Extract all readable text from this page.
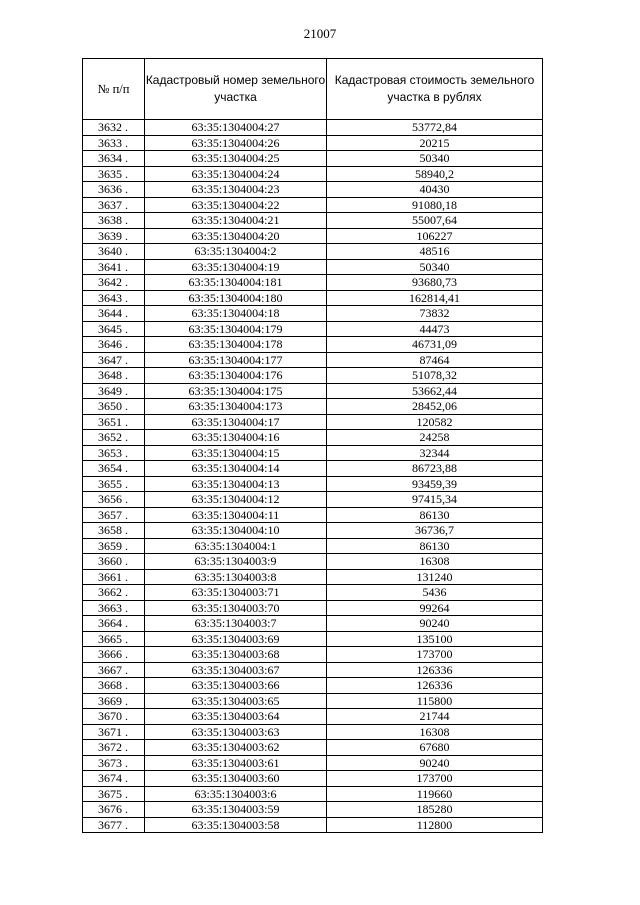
21007
№ п/п	Кадастровый номер земельного участка	Кадастровая стоимость земельного участка в рублях
3632 .	63:35:1304004:27	53772,84
3633 .	63:35:1304004:26	20215
3634 .	63:35:1304004:25	50340
3635 .	63:35:1304004:24	58940,2
3636 .	63:35:1304004:23	40430
3637 .	63:35:1304004:22	91080,18
3638 .	63:35:1304004:21	55007,64
3639 .	63:35:1304004:20	106227
3640 .	63:35:1304004:2	48516
3641 .	63:35:1304004:19	50340
3642 .	63:35:1304004:181	93680,73
3643 .	63:35:1304004:180	162814,41
3644 .	63:35:1304004:18	73832
3645 .	63:35:1304004:179	44473
3646 .	63:35:1304004:178	46731,09
3647 .	63:35:1304004:177	87464
3648 .	63:35:1304004:176	51078,32
3649 .	63:35:1304004:175	53662,44
3650 .	63:35:1304004:173	28452,06
3651 .	63:35:1304004:17	120582
3652 .	63:35:1304004:16	24258
3653 .	63:35:1304004:15	32344
3654 .	63:35:1304004:14	86723,88
3655 .	63:35:1304004:13	93459,39
3656 .	63:35:1304004:12	97415,34
3657 .	63:35:1304004:11	86130
3658 .	63:35:1304004:10	36736,7
3659 .	63:35:1304004:1	86130
3660 .	63:35:1304003:9	16308
3661 .	63:35:1304003:8	131240
3662 .	63:35:1304003:71	5436
3663 .	63:35:1304003:70	99264
3664 .	63:35:1304003:7	90240
3665 .	63:35:1304003:69	135100
3666 .	63:35:1304003:68	173700
3667 .	63:35:1304003:67	126336
3668 .	63:35:1304003:66	126336
3669 .	63:35:1304003:65	115800
3670 .	63:35:1304003:64	21744
3671 .	63:35:1304003:63	16308
3672 .	63:35:1304003:62	67680
3673 .	63:35:1304003:61	90240
3674 .	63:35:1304003:60	173700
3675 .	63:35:1304003:6	119660
3676 .	63:35:1304003:59	185280
3677 .	63:35:1304003:58	112800
